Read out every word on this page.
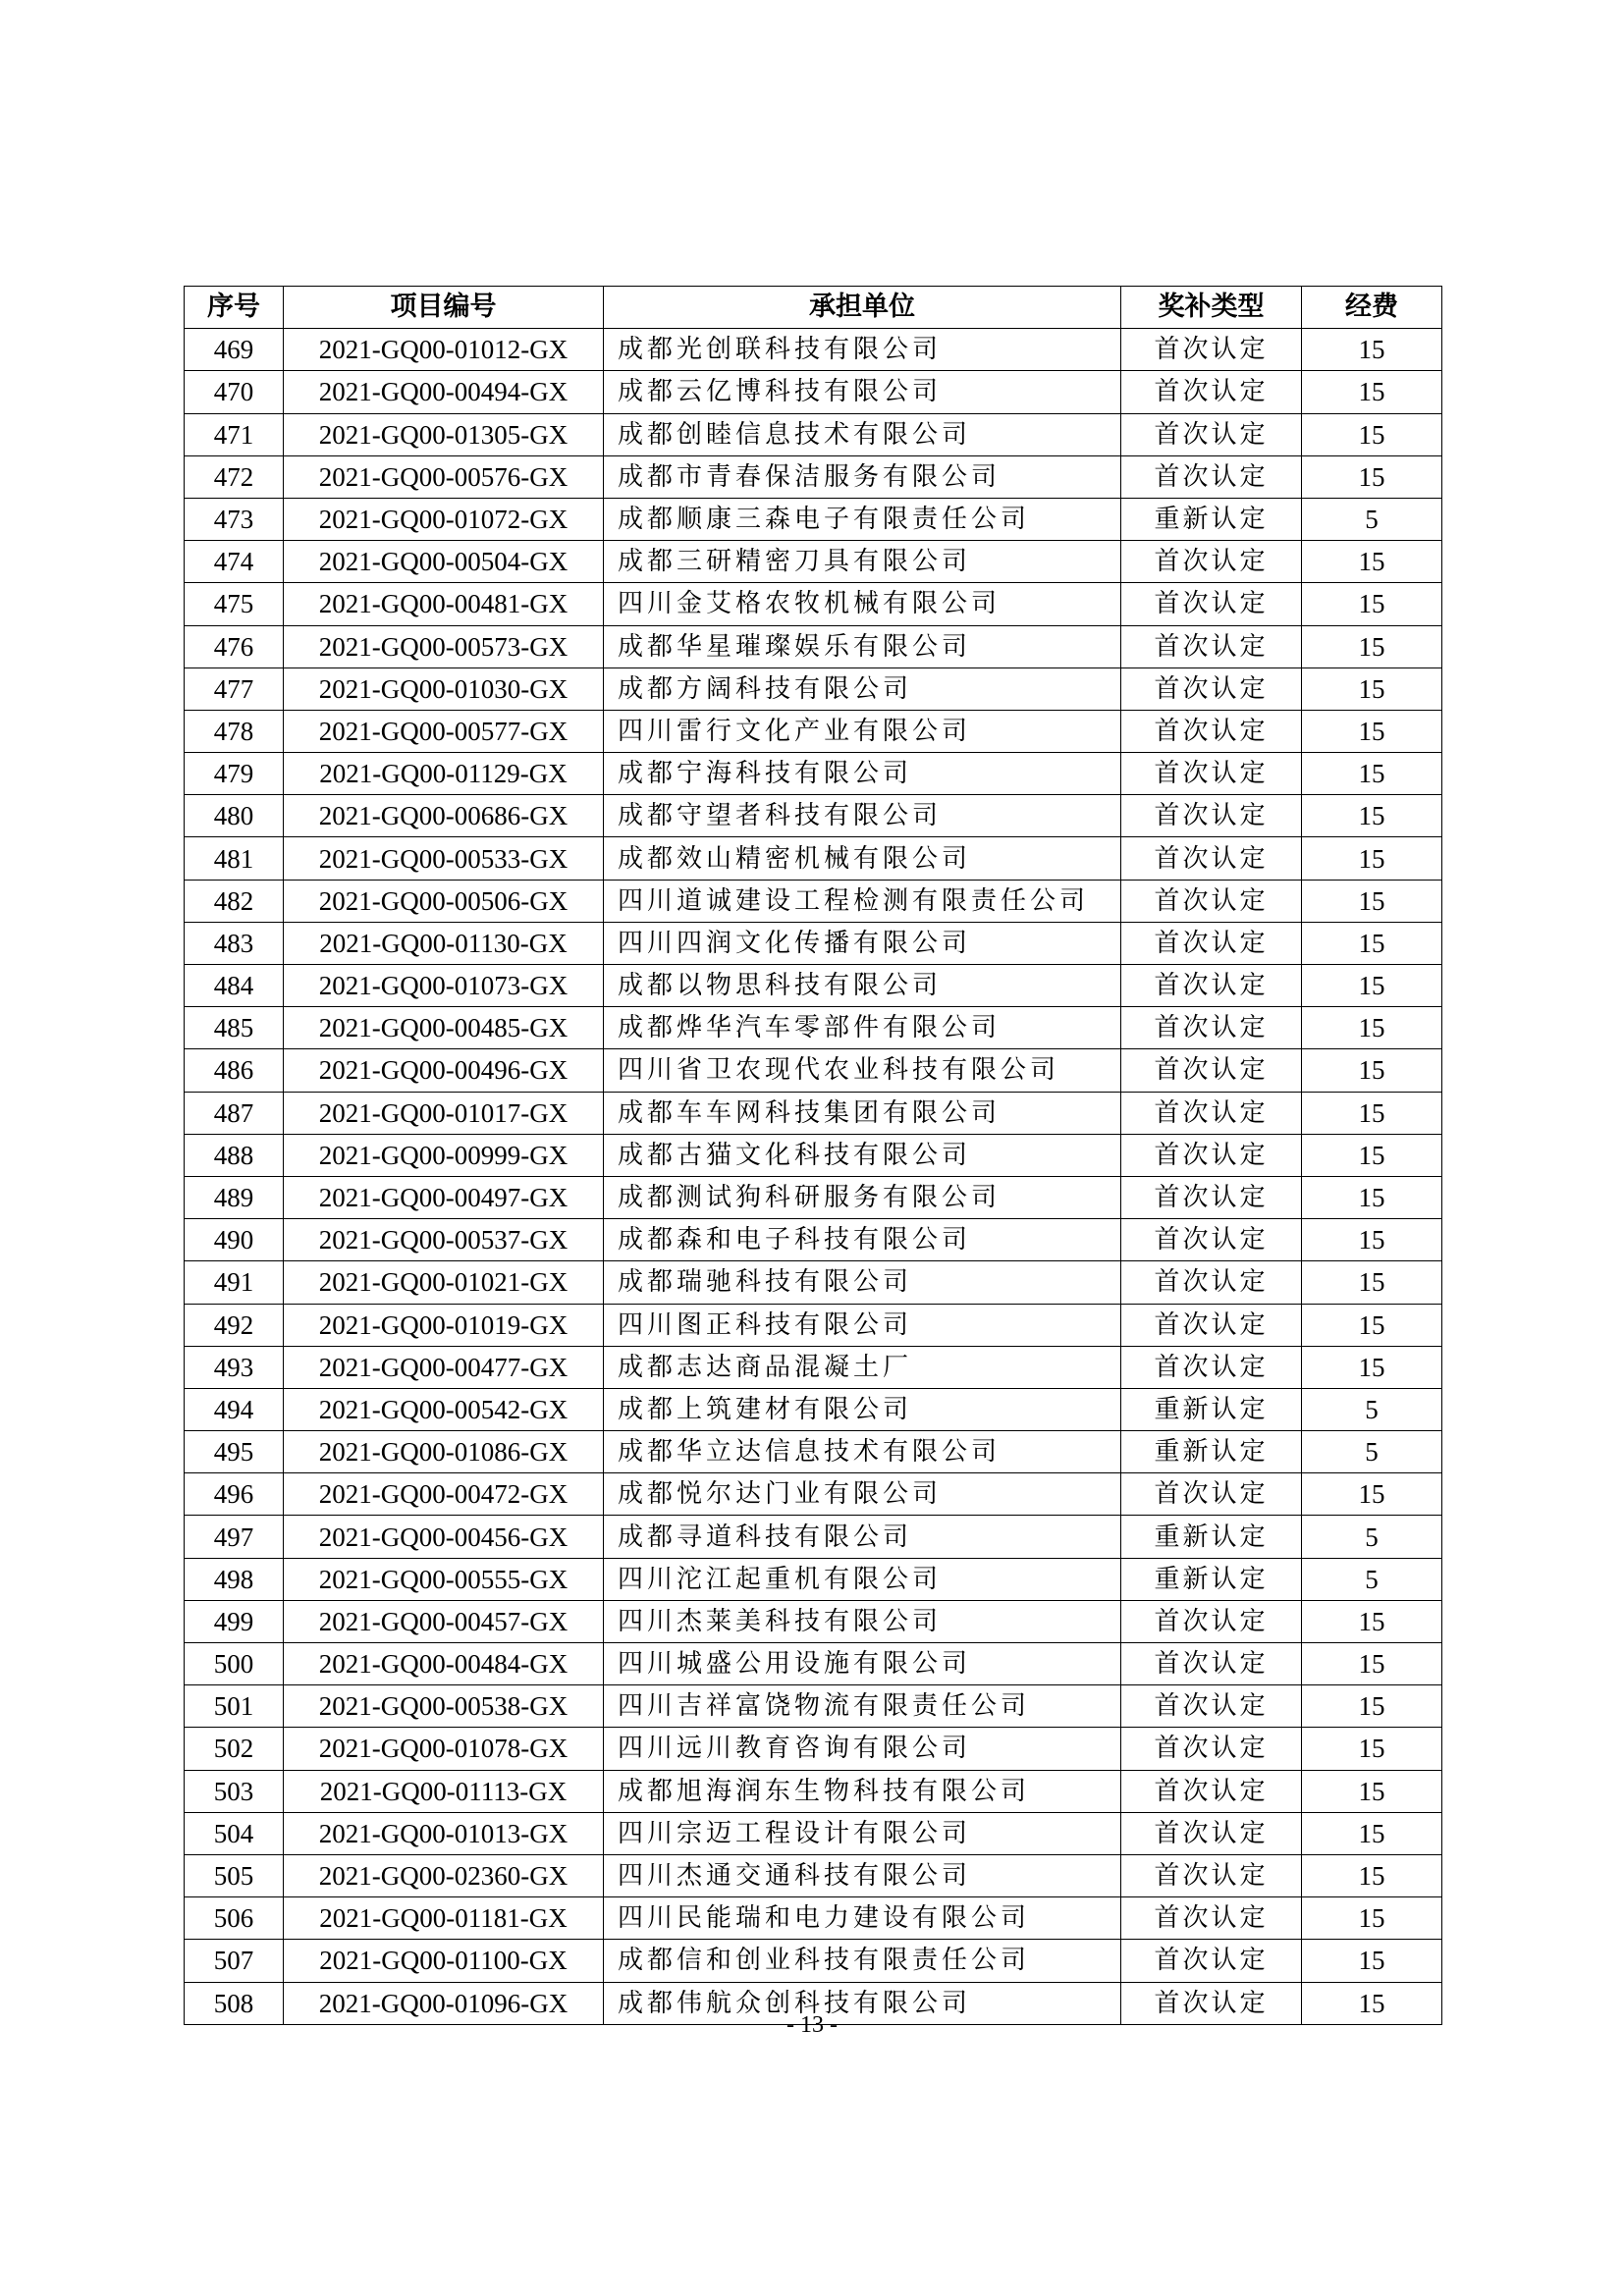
序号	项目编号	承担单位	奖补类型	经费
469	2021-GQ00-01012-GX	成都光创联科技有限公司	首次认定	15
470	2021-GQ00-00494-GX	成都云亿博科技有限公司	首次认定	15
471	2021-GQ00-01305-GX	成都创睦信息技术有限公司	首次认定	15
472	2021-GQ00-00576-GX	成都市青春保洁服务有限公司	首次认定	15
473	2021-GQ00-01072-GX	成都顺康三森电子有限责任公司	重新认定	5
474	2021-GQ00-00504-GX	成都三研精密刀具有限公司	首次认定	15
475	2021-GQ00-00481-GX	四川金艾格农牧机械有限公司	首次认定	15
476	2021-GQ00-00573-GX	成都华星璀璨娱乐有限公司	首次认定	15
477	2021-GQ00-01030-GX	成都方阔科技有限公司	首次认定	15
478	2021-GQ00-00577-GX	四川雷行文化产业有限公司	首次认定	15
479	2021-GQ00-01129-GX	成都宁海科技有限公司	首次认定	15
480	2021-GQ00-00686-GX	成都守望者科技有限公司	首次认定	15
481	2021-GQ00-00533-GX	成都效山精密机械有限公司	首次认定	15
482	2021-GQ00-00506-GX	四川道诚建设工程检测有限责任公司	首次认定	15
483	2021-GQ00-01130-GX	四川四润文化传播有限公司	首次认定	15
484	2021-GQ00-01073-GX	成都以物思科技有限公司	首次认定	15
485	2021-GQ00-00485-GX	成都烨华汽车零部件有限公司	首次认定	15
486	2021-GQ00-00496-GX	四川省卫农现代农业科技有限公司	首次认定	15
487	2021-GQ00-01017-GX	成都车车网科技集团有限公司	首次认定	15
488	2021-GQ00-00999-GX	成都古猫文化科技有限公司	首次认定	15
489	2021-GQ00-00497-GX	成都测试狗科研服务有限公司	首次认定	15
490	2021-GQ00-00537-GX	成都森和电子科技有限公司	首次认定	15
491	2021-GQ00-01021-GX	成都瑞驰科技有限公司	首次认定	15
492	2021-GQ00-01019-GX	四川图正科技有限公司	首次认定	15
493	2021-GQ00-00477-GX	成都志达商品混凝土厂	首次认定	15
494	2021-GQ00-00542-GX	成都上筑建材有限公司	重新认定	5
495	2021-GQ00-01086-GX	成都华立达信息技术有限公司	重新认定	5
496	2021-GQ00-00472-GX	成都悦尔达门业有限公司	首次认定	15
497	2021-GQ00-00456-GX	成都寻道科技有限公司	重新认定	5
498	2021-GQ00-00555-GX	四川沱江起重机有限公司	重新认定	5
499	2021-GQ00-00457-GX	四川杰莱美科技有限公司	首次认定	15
500	2021-GQ00-00484-GX	四川城盛公用设施有限公司	首次认定	15
501	2021-GQ00-00538-GX	四川吉祥富饶物流有限责任公司	首次认定	15
502	2021-GQ00-01078-GX	四川远川教育咨询有限公司	首次认定	15
503	2021-GQ00-01113-GX	成都旭海润东生物科技有限公司	首次认定	15
504	2021-GQ00-01013-GX	四川宗迈工程设计有限公司	首次认定	15
505	2021-GQ00-02360-GX	四川杰通交通科技有限公司	首次认定	15
506	2021-GQ00-01181-GX	四川民能瑞和电力建设有限公司	首次认定	15
507	2021-GQ00-01100-GX	成都信和创业科技有限责任公司	首次认定	15
508	2021-GQ00-01096-GX	成都伟航众创科技有限公司	首次认定	15
- 13 -
